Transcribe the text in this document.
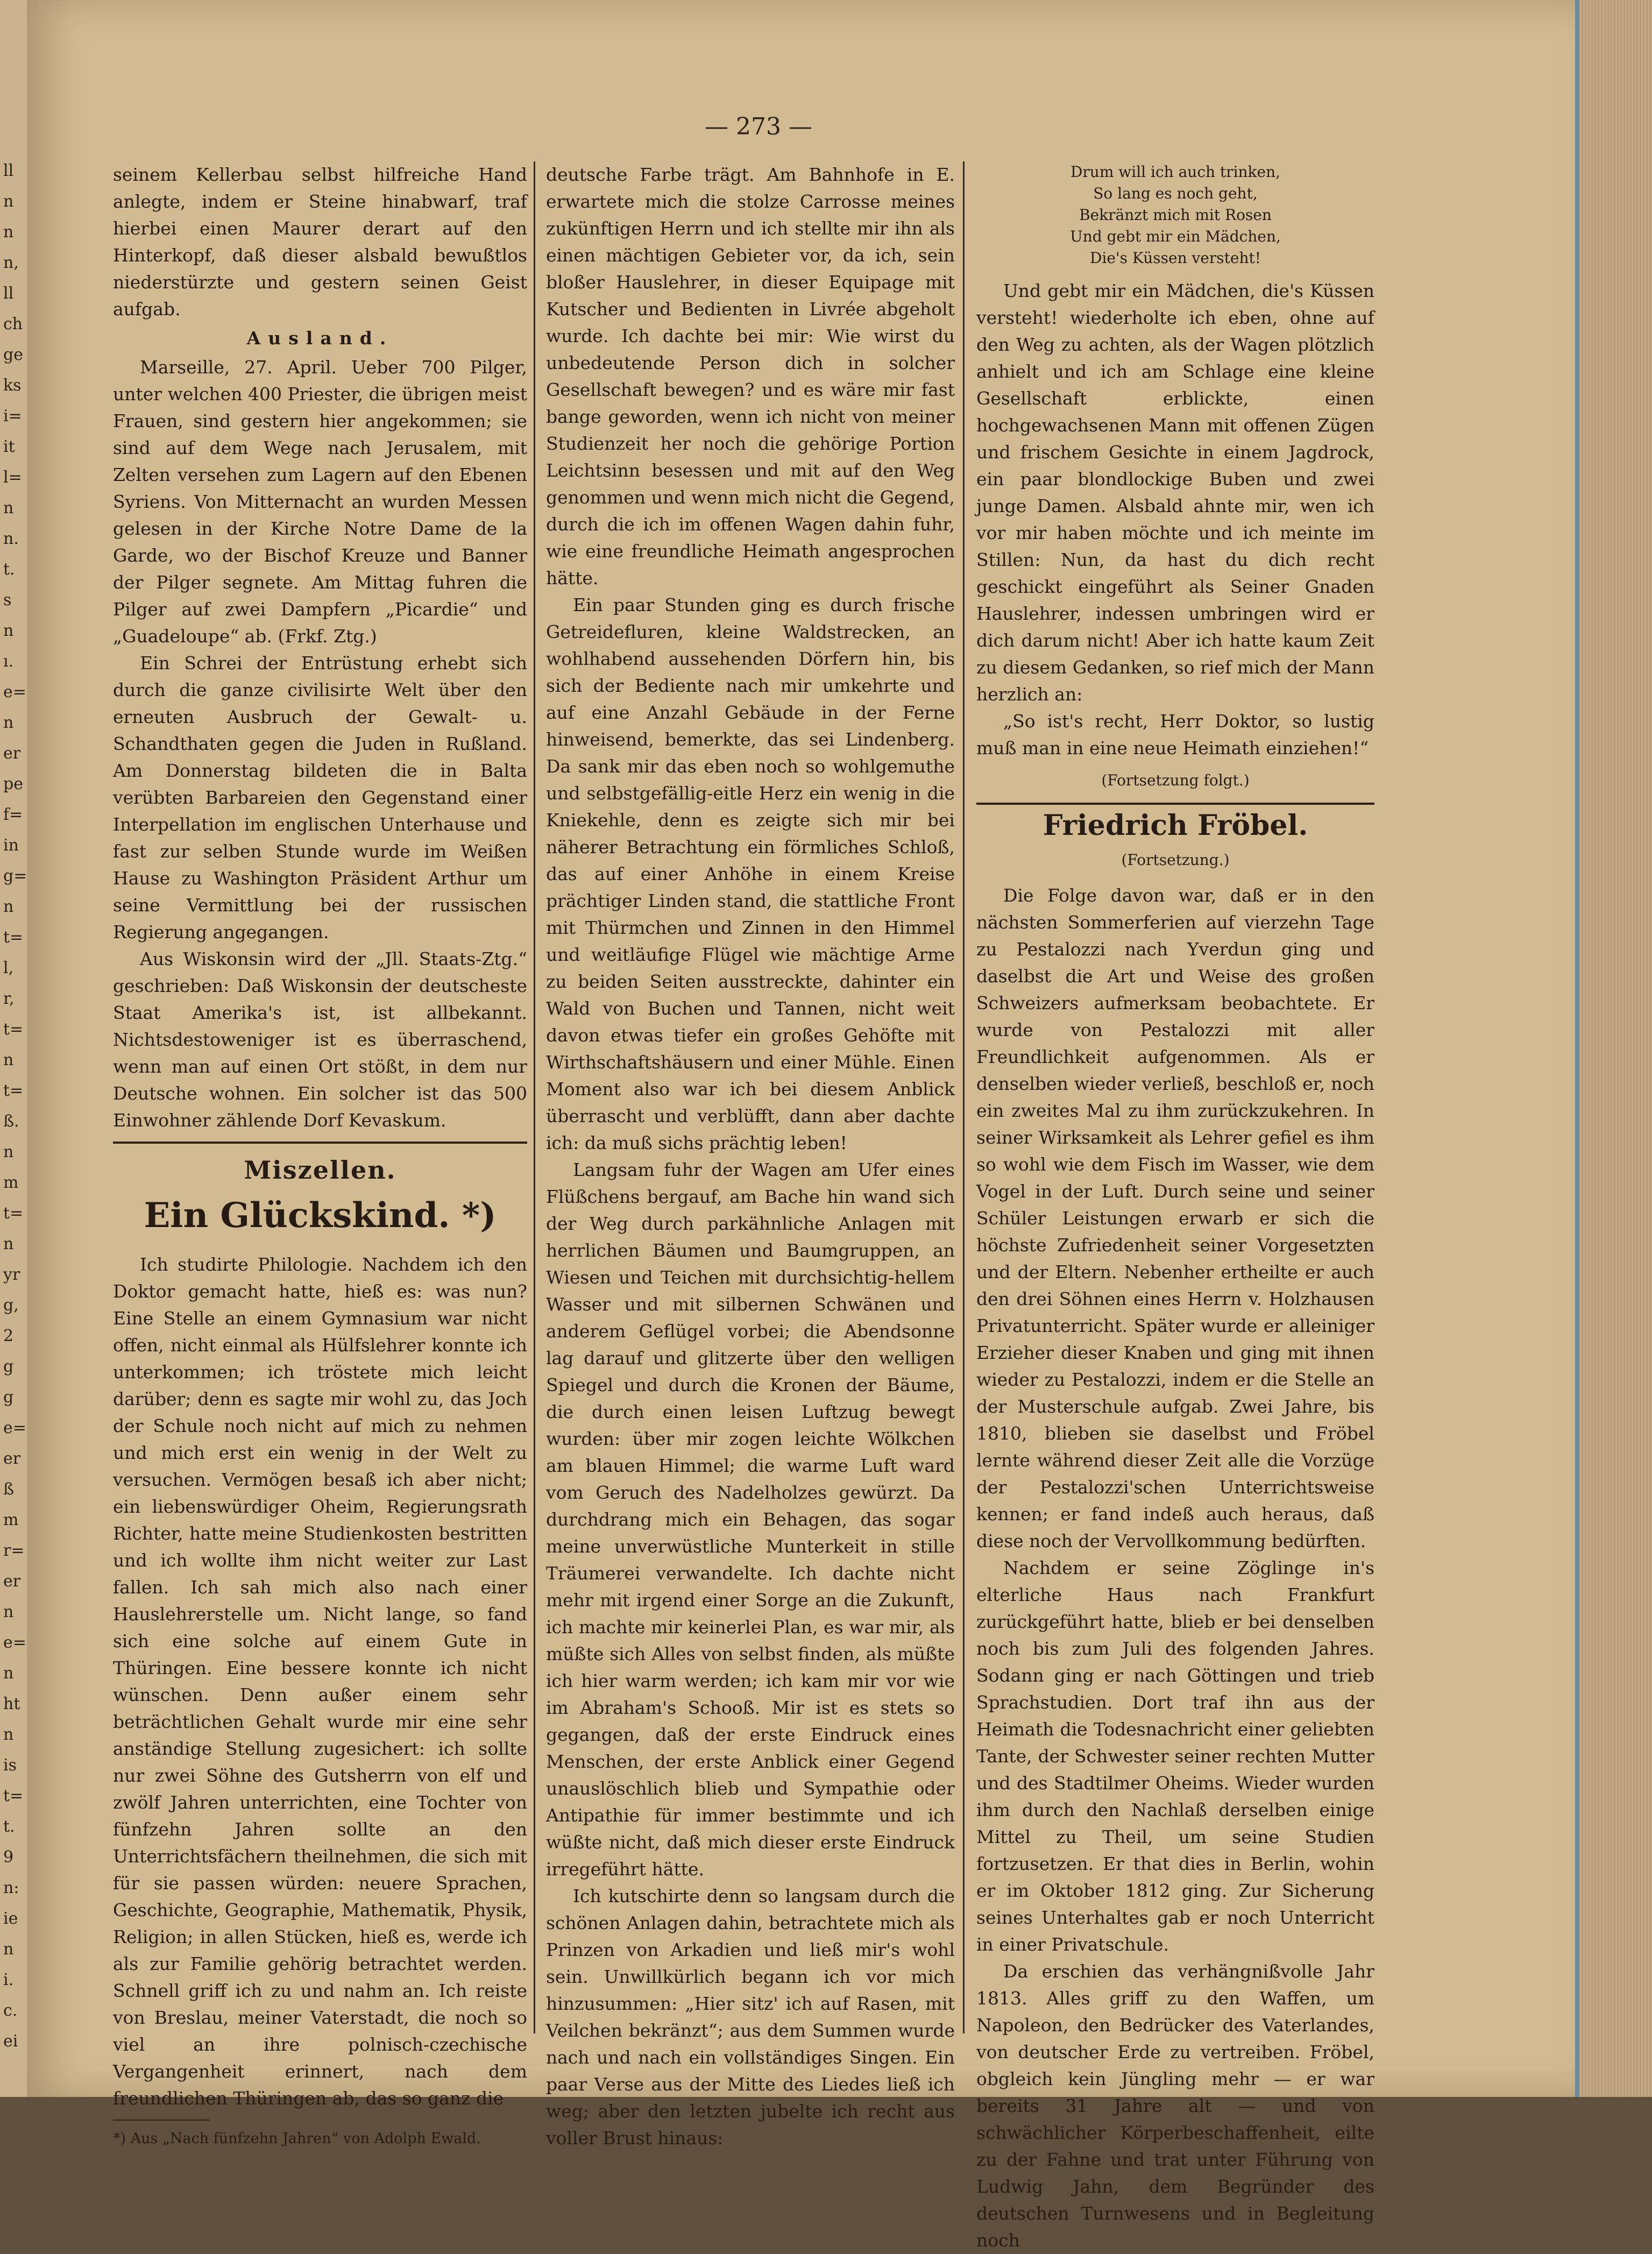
ll
n
n
n,
ll
ch
ge
ks
i=
it
l=
n
n.
t.
s
n
ı.
e=
n
er
pe
f=
in
g=
n
t=
l,
r,
t=
n
t=
ß.
n
m
t=
n
yr
g,
2
g
g
e=
er
ß
m
r=
er
n
e=
n
ht
n
is
t=
t.
9
n:
ie
n
i.
c.
ei
— 273 —

seinem Kellerbau selbst hilfreiche Hand anlegte, indem er Steine hinabwarf, traf hierbei einen Maurer derart auf den Hinterkopf, daß dieser alsbald bewußtlos niederstürzte und gestern seinen Geist aufgab.

Ausland.

Marseille, 27. April. Ueber 700 Pilger, unter welchen 400 Priester, die übrigen meist Frauen, sind gestern hier angekommen; sie sind auf dem Wege nach Jerusalem, mit Zelten versehen zum Lagern auf den Ebenen Syriens. Von Mitternacht an wurden Messen gelesen in der Kirche Notre Dame de la Garde, wo der Bischof Kreuze und Banner der Pilger segnete. Am Mittag fuhren die Pilger auf zwei Dampfern „Picardie“ und „Guadeloupe“ ab. (Frkf. Ztg.)

Ein Schrei der Entrüstung erhebt sich durch die ganze civilisirte Welt über den erneuten Ausbruch der Gewalt- u. Schandthaten gegen die Juden in Rußland. Am Donnerstag bildeten die in Balta verübten Barbareien den Gegenstand einer Interpellation im englischen Unterhause und fast zur selben Stunde wurde im Weißen Hause zu Washington Präsident Arthur um seine Vermittlung bei der russischen Regierung angegangen.

Aus Wiskonsin wird der „Jll. Staats-Ztg.“ geschrieben: Daß Wiskonsin der deutscheste Staat Amerika's ist, ist allbekannt. Nichtsdestoweniger ist es überraschend, wenn man auf einen Ort stößt, in dem nur Deutsche wohnen. Ein solcher ist das 500 Einwohner zählende Dorf Kevaskum.

Miszellen.
Ein Glückskind. *)

Ich studirte Philologie. Nachdem ich den Doktor gemacht hatte, hieß es: was nun? Eine Stelle an einem Gymnasium war nicht offen, nicht einmal als Hülfslehrer konnte ich unterkommen; ich tröstete mich leicht darüber; denn es sagte mir wohl zu, das Joch der Schule noch nicht auf mich zu nehmen und mich erst ein wenig in der Welt zu versuchen. Vermögen besaß ich aber nicht; ein liebenswürdiger Oheim, Regierungsrath Richter, hatte meine Studienkosten bestritten und ich wollte ihm nicht weiter zur Last fallen. Ich sah mich also nach einer Hauslehrerstelle um. Nicht lange, so fand sich eine solche auf einem Gute in Thüringen. Eine bessere konnte ich nicht wünschen. Denn außer einem sehr beträchtlichen Gehalt wurde mir eine sehr anständige Stellung zugesichert: ich sollte nur zwei Söhne des Gutsherrn von elf und zwölf Jahren unterrichten, eine Tochter von fünfzehn Jahren sollte an den Unterrichtsfächern theilnehmen, die sich mit für sie passen würden: neuere Sprachen, Geschichte, Geographie, Mathematik, Physik, Religion; in allen Stücken, hieß es, werde ich als zur Familie gehörig betrachtet werden. Schnell griff ich zu und nahm an. Ich reiste von Breslau, meiner Vaterstadt, die noch so viel an ihre polnisch-czechische Vergangenheit erinnert, nach dem freundlichen Thüringen ab, das so ganz die

*) Aus „Nach fünfzehn Jahren“ von Adolph Ewald.

deutsche Farbe trägt. Am Bahnhofe in E. erwartete mich die stolze Carrosse meines zukünftigen Herrn und ich stellte mir ihn als einen mächtigen Gebieter vor, da ich, sein bloßer Hauslehrer, in dieser Equipage mit Kutscher und Bedienten in Livrée abgeholt wurde. Ich dachte bei mir: Wie wirst du unbedeutende Person dich in solcher Gesellschaft bewegen? und es wäre mir fast bange geworden, wenn ich nicht von meiner Studienzeit her noch die gehörige Portion Leichtsinn besessen und mit auf den Weg genommen und wenn mich nicht die Gegend, durch die ich im offenen Wagen dahin fuhr, wie eine freundliche Heimath angesprochen hätte.

Ein paar Stunden ging es durch frische Getreidefluren, kleine Waldstrecken, an wohlhabend aussehenden Dörfern hin, bis sich der Bediente nach mir umkehrte und auf eine Anzahl Gebäude in der Ferne hinweisend, bemerkte, das sei Lindenberg. Da sank mir das eben noch so wohlgemuthe und selbstgefällig-eitle Herz ein wenig in die Kniekehle, denn es zeigte sich mir bei näherer Betrachtung ein förmliches Schloß, das auf einer Anhöhe in einem Kreise prächtiger Linden stand, die stattliche Front mit Thürmchen und Zinnen in den Himmel und weitläufige Flügel wie mächtige Arme zu beiden Seiten ausstreckte, dahinter ein Wald von Buchen und Tannen, nicht weit davon etwas tiefer ein großes Gehöfte mit Wirthschaftshäusern und einer Mühle. Einen Moment also war ich bei diesem Anblick überrascht und verblüfft, dann aber dachte ich: da muß sichs prächtig leben!

Langsam fuhr der Wagen am Ufer eines Flüßchens bergauf, am Bache hin wand sich der Weg durch parkähnliche Anlagen mit herrlichen Bäumen und Baumgruppen, an Wiesen und Teichen mit durchsichtig-hellem Wasser und mit silbernen Schwänen und anderem Geflügel vorbei; die Abendsonne lag darauf und glitzerte über den welligen Spiegel und durch die Kronen der Bäume, die durch einen leisen Luftzug bewegt wurden: über mir zogen leichte Wölkchen am blauen Himmel; die warme Luft ward vom Geruch des Nadelholzes gewürzt. Da durchdrang mich ein Behagen, das sogar meine unverwüstliche Munterkeit in stille Träumerei verwandelte. Ich dachte nicht mehr mit irgend einer Sorge an die Zukunft, ich machte mir keinerlei Plan, es war mir, als müßte sich Alles von selbst finden, als müßte ich hier warm werden; ich kam mir vor wie im Abraham's Schooß. Mir ist es stets so gegangen, daß der erste Eindruck eines Menschen, der erste Anblick einer Gegend unauslöschlich blieb und Sympathie oder Antipathie für immer bestimmte und ich wüßte nicht, daß mich dieser erste Eindruck irregeführt hätte.

Ich kutschirte denn so langsam durch die schönen Anlagen dahin, betrachtete mich als Prinzen von Arkadien und ließ mir's wohl sein. Unwillkürlich begann ich vor mich hinzusummen: „Hier sitz' ich auf Rasen, mit Veilchen bekränzt“; aus dem Summen wurde nach und nach ein vollständiges Singen. Ein paar Verse aus der Mitte des Liedes ließ ich weg; aber den letzten jubelte ich recht aus voller Brust hinaus:

Drum will ich auch trinken,
So lang es noch geht,
Bekränzt mich mit Rosen
Und gebt mir ein Mädchen,
Die's Küssen versteht!

Und gebt mir ein Mädchen, die's Küssen versteht! wiederholte ich eben, ohne auf den Weg zu achten, als der Wagen plötzlich anhielt und ich am Schlage eine kleine Gesellschaft erblickte, einen hochgewachsenen Mann mit offenen Zügen und frischem Gesichte in einem Jagdrock, ein paar blondlockige Buben und zwei junge Damen. Alsbald ahnte mir, wen ich vor mir haben möchte und ich meinte im Stillen: Nun, da hast du dich recht geschickt eingeführt als Seiner Gnaden Hauslehrer, indessen umbringen wird er dich darum nicht! Aber ich hatte kaum Zeit zu diesem Gedanken, so rief mich der Mann herzlich an:

„So ist's recht, Herr Doktor, so lustig muß man in eine neue Heimath einziehen!“

(Fortsetzung folgt.)
Friedrich Fröbel.
(Fortsetzung.)

Die Folge davon war, daß er in den nächsten Sommerferien auf vierzehn Tage zu Pestalozzi nach Yverdun ging und daselbst die Art und Weise des großen Schweizers aufmerksam beobachtete. Er wurde von Pestalozzi mit aller Freundlichkeit aufgenommen. Als er denselben wieder verließ, beschloß er, noch ein zweites Mal zu ihm zurückzukehren. In seiner Wirksamkeit als Lehrer gefiel es ihm so wohl wie dem Fisch im Wasser, wie dem Vogel in der Luft. Durch seine und seiner Schüler Leistungen erwarb er sich die höchste Zufriedenheit seiner Vorgesetzten und der Eltern. Nebenher ertheilte er auch den drei Söhnen eines Herrn v. Holzhausen Privatunterricht. Später wurde er alleiniger Erzieher dieser Knaben und ging mit ihnen wieder zu Pestalozzi, indem er die Stelle an der Musterschule aufgab. Zwei Jahre, bis 1810, blieben sie daselbst und Fröbel lernte während dieser Zeit alle die Vorzüge der Pestalozzi'schen Unterrichtsweise kennen; er fand indeß auch heraus, daß diese noch der Vervollkommung bedürften.

Nachdem er seine Zöglinge in's elterliche Haus nach Frankfurt zurückgeführt hatte, blieb er bei denselben noch bis zum Juli des folgenden Jahres. Sodann ging er nach Göttingen und trieb Sprachstudien. Dort traf ihn aus der Heimath die Todesnachricht einer geliebten Tante, der Schwester seiner rechten Mutter und des Stadtilmer Oheims. Wieder wurden ihm durch den Nachlaß derselben einige Mittel zu Theil, um seine Studien fortzusetzen. Er that dies in Berlin, wohin er im Oktober 1812 ging. Zur Sicherung seines Unterhaltes gab er noch Unterricht in einer Privatschule.

Da erschien das verhängnißvolle Jahr 1813. Alles griff zu den Waffen, um Napoleon, den Bedrücker des Vaterlandes, von deutscher Erde zu vertreiben. Fröbel, obgleich kein Jüngling mehr — er war bereits 31 Jahre alt — und von schwächlicher Körperbeschaffenheit, eilte zu der Fahne und trat unter Führung von Ludwig Jahn, dem Begründer des deutschen Turnwesens und in Begleitung noch
